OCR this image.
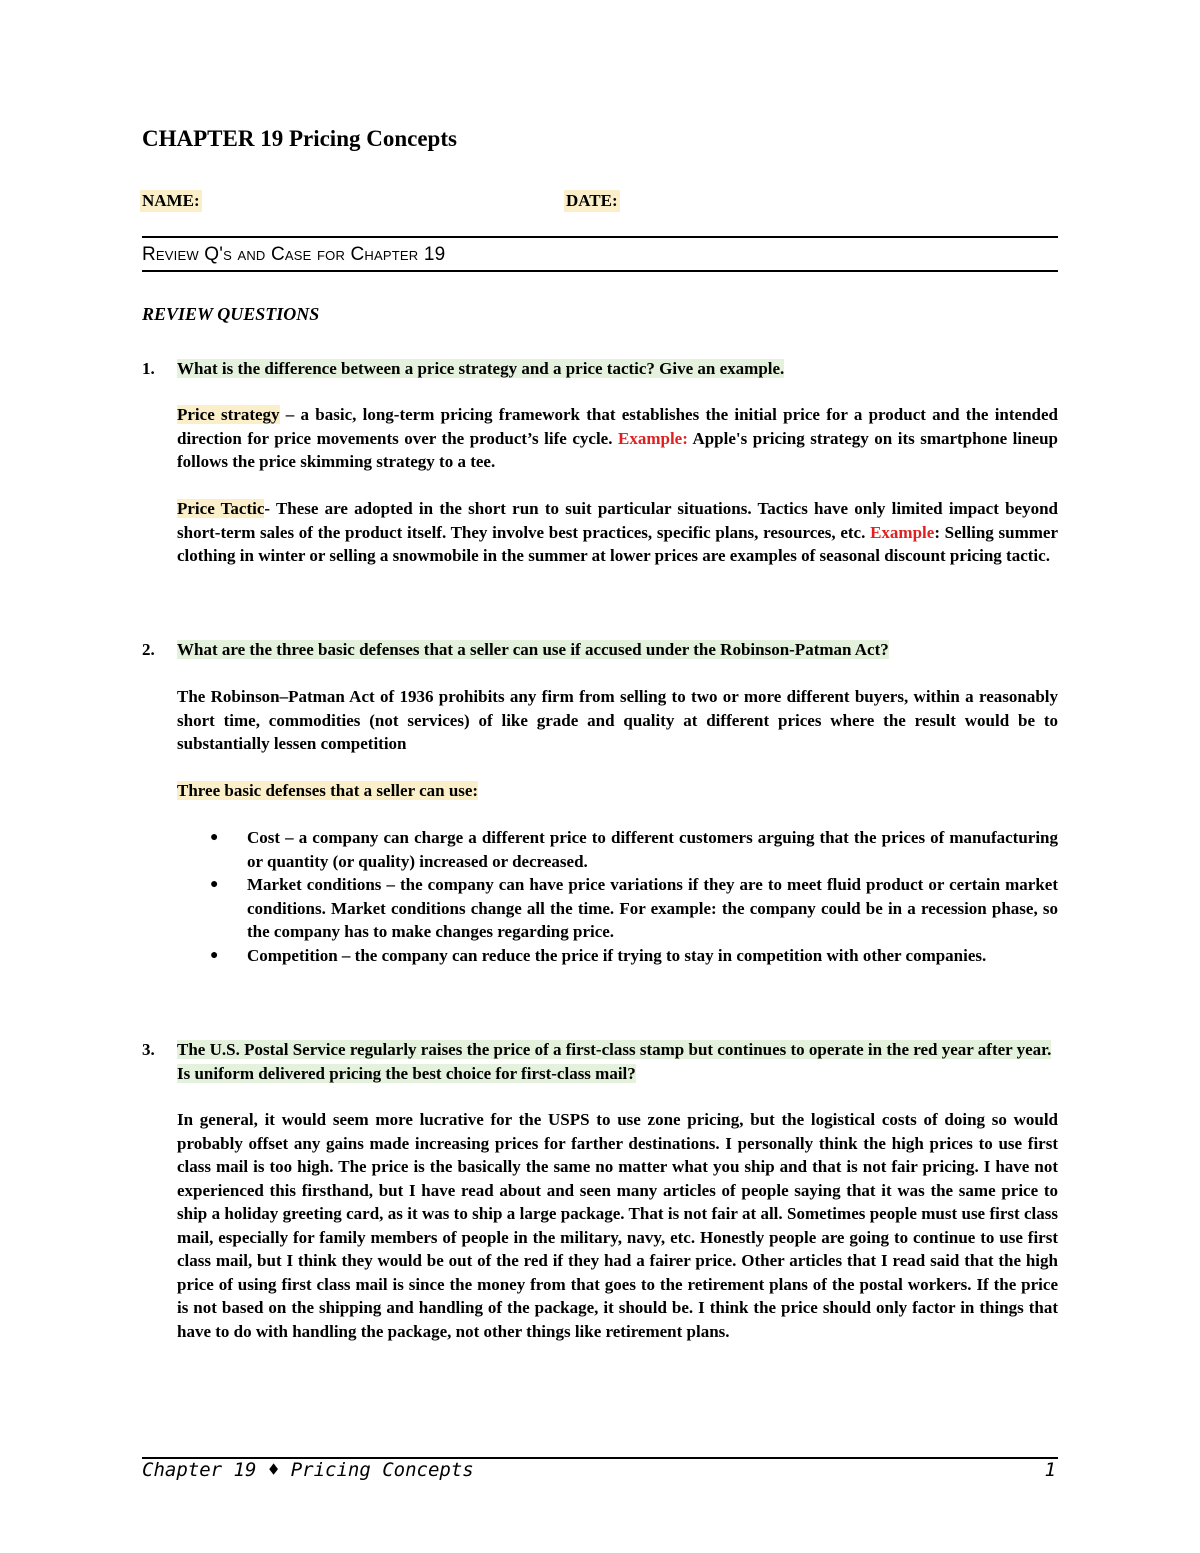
CHAPTER 19 Pricing Concepts
NAME:	DATE:
Review Q's and Case for Chapter 19
REVIEW QUESTIONS
1.	What is the difference between a price strategy and a price tactic? Give an example.
Price strategy – a basic, long-term pricing framework that establishes the initial price for a product and the intended direction for price movements over the product’s life cycle. Example: Apple's pricing strategy on its smartphone lineup follows the price skimming strategy to a tee.
Price Tactic- These are adopted in the short run to suit particular situations. Tactics have only limited impact beyond short-term sales of the product itself. They involve best practices, specific plans, resources, etc. Example: Selling summer clothing in winter or selling a snowmobile in the summer at lower prices are examples of seasonal discount pricing tactic.
2.	What are the three basic defenses that a seller can use if accused under the Robinson-Patman Act?
The Robinson–Patman Act of 1936 prohibits any firm from selling to two or more different buyers, within a reasonably short time, commodities (not services) of like grade and quality at different prices where the result would be to substantially lessen competition
Three basic defenses that a seller can use:
● Cost – a company can charge a different price to different customers arguing that the prices of manufacturing or quantity (or quality) increased or decreased.
● Market conditions – the company can have price variations if they are to meet fluid product or certain market conditions. Market conditions change all the time. For example: the company could be in a recession phase, so the company has to make changes regarding price.
● Competition – the company can reduce the price if trying to stay in competition with other companies.
3.	The U.S. Postal Service regularly raises the price of a first-class stamp but continues to operate in the red year after year. Is uniform delivered pricing the best choice for first-class mail?
In general, it would seem more lucrative for the USPS to use zone pricing, but the logistical costs of doing so would probably offset any gains made increasing prices for farther destinations. I personally think the high prices to use first class mail is too high. The price is the basically the same no matter what you ship and that is not fair pricing. I have not experienced this firsthand, but I have read about and seen many articles of people saying that it was the same price to ship a holiday greeting card, as it was to ship a large package. That is not fair at all. Sometimes people must use first class mail, especially for family members of people in the military, navy, etc. Honestly people are going to continue to use first class mail, but I think they would be out of the red if they had a fairer price. Other articles that I read said that the high price of using first class mail is since the money from that goes to the retirement plans of the postal workers. If the price is not based on the shipping and handling of the package, it should be. I think the price should only factor in things that have to do with handling the package, not other things like retirement plans.
Chapter 19 ♦ Pricing Concepts	1
